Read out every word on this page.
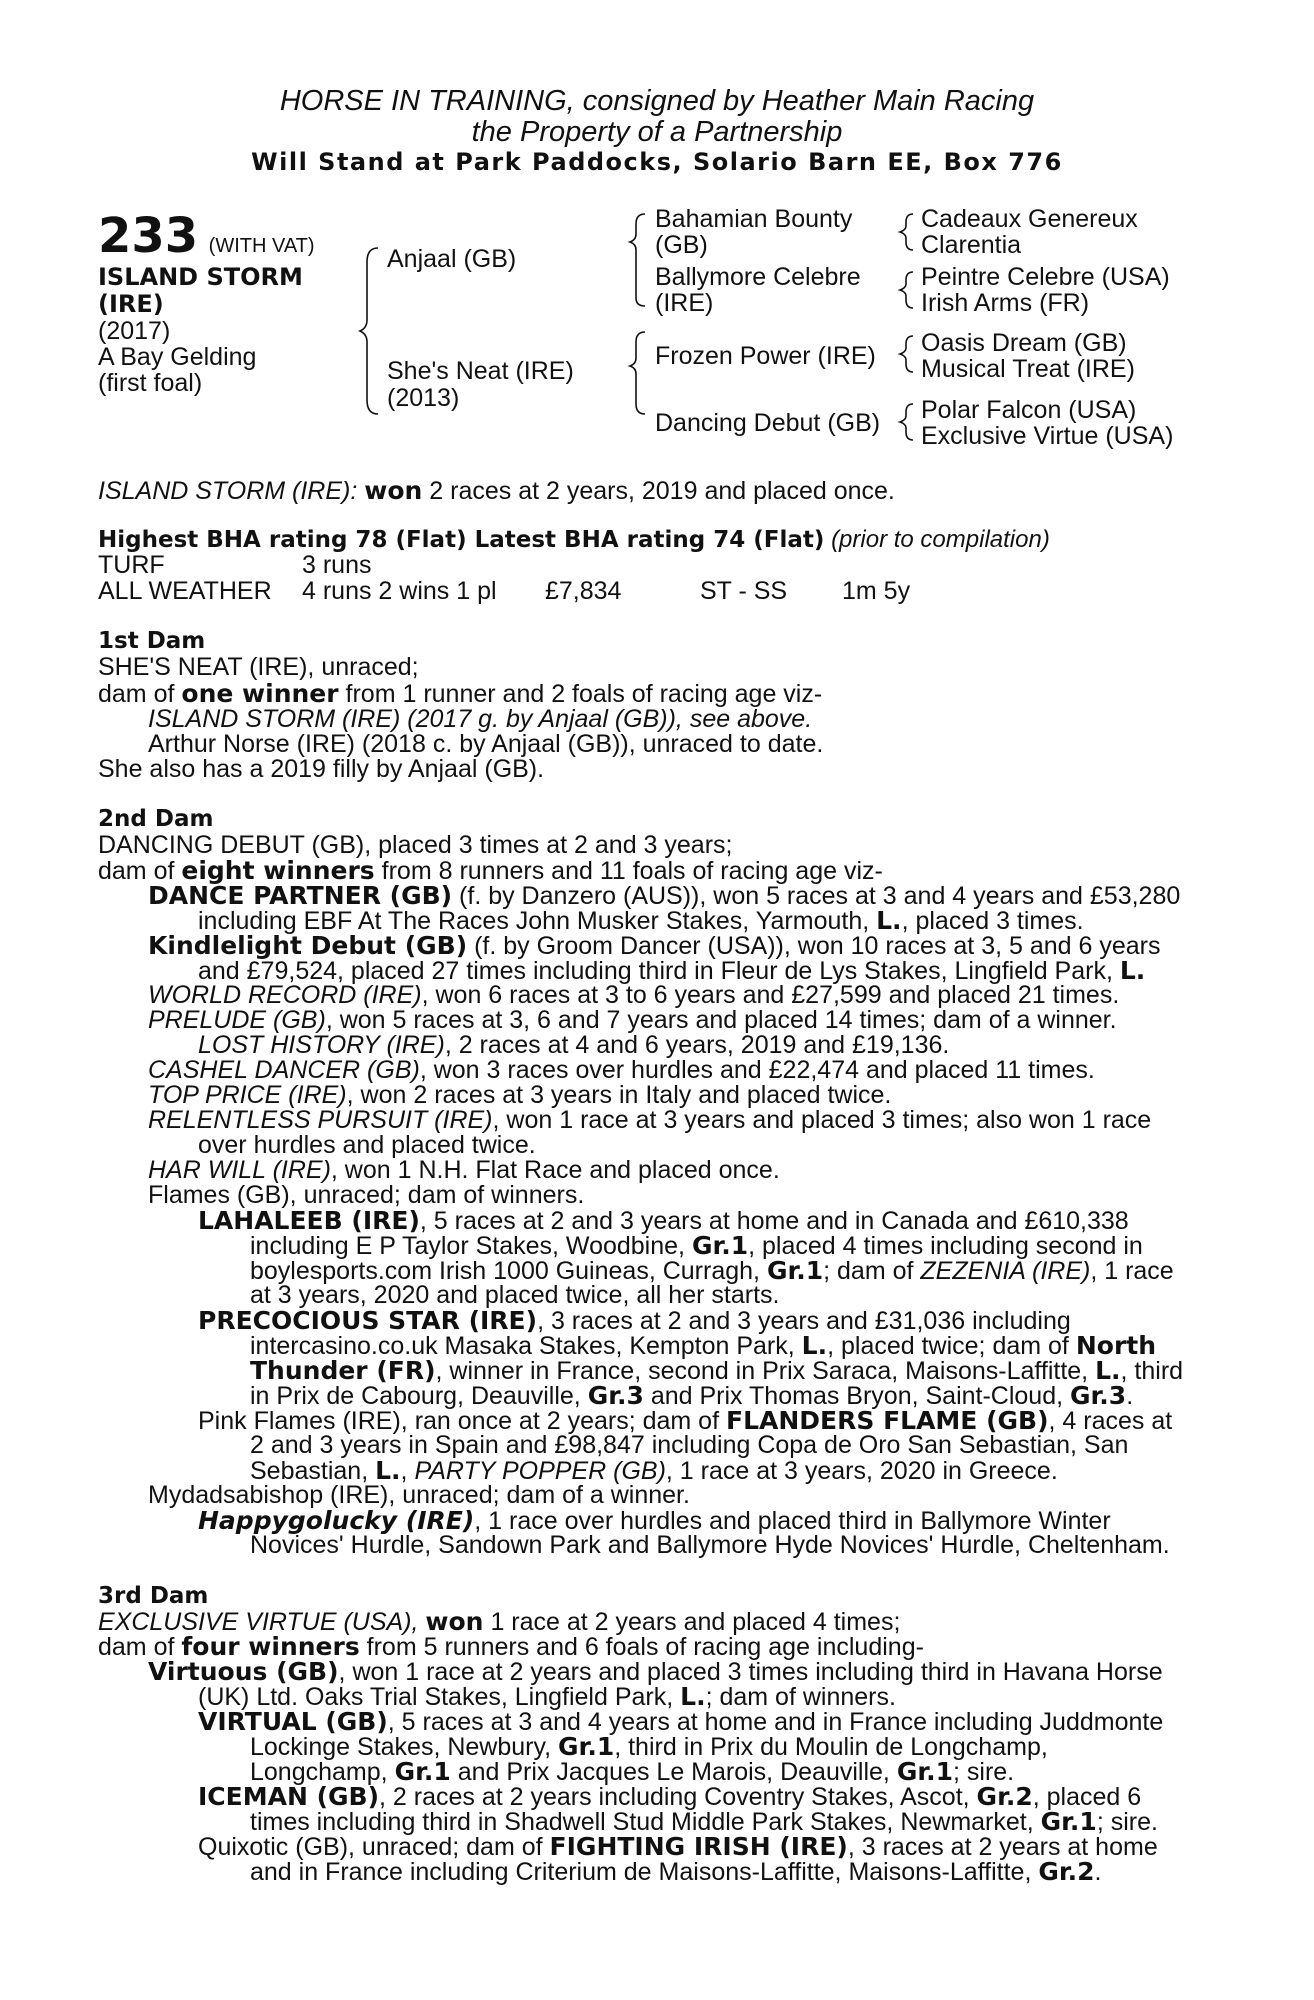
HORSE IN TRAINING, consigned by Heather Main Racing
the Property of a Partnership
Will Stand at Park Paddocks, Solario Barn EE, Box 776
233 (WITH VAT)
ISLAND STORM
(IRE)
(2017)
A Bay Gelding
(first foal)
Anjaal (GB)
She's Neat (IRE)
(2013)
Bahamian Bounty
(GB)
Ballymore Celebre
(IRE)
Frozen Power (IRE)
Dancing Debut (GB)
Cadeaux Genereux
Clarentia
Peintre Celebre (USA)
Irish Arms (FR)
Oasis Dream (GB)
Musical Treat (IRE)
Polar Falcon (USA)
Exclusive Virtue (USA)
ISLAND STORM (IRE): won 2 races at 2 years, 2019 and placed once.
Highest BHA rating 78 (Flat) Latest BHA rating 74 (Flat) (prior to compilation)
TURF	3 runs
ALL WEATHER 4 runs 2 wins 1 pl £7,834	ST - SS 1m 5y
1st Dam
SHE'S NEAT (IRE), unraced;
dam of one winner from 1 runner and 2 foals of racing age viz-
ISLAND STORM (IRE) (2017 g. by Anjaal (GB)), see above.
Arthur Norse (IRE) (2018 c. by Anjaal (GB)), unraced to date.
She also has a 2019 filly by Anjaal (GB).
2nd Dam
DANCING DEBUT (GB), placed 3 times at 2 and 3 years;
dam of eight winners from 8 runners and 11 foals of racing age viz-
DANCE PARTNER (GB) (f. by Danzero (AUS)), won 5 races at 3 and 4 years and £53,280
including EBF At The Races John Musker Stakes, Yarmouth, L., placed 3 times.
Kindlelight Debut (GB) (f. by Groom Dancer (USA)), won 10 races at 3, 5 and 6 years
and £79,524, placed 27 times including third in Fleur de Lys Stakes, Lingfield Park, L.
WORLD RECORD (IRE), won 6 races at 3 to 6 years and £27,599 and placed 21 times.
PRELUDE (GB), won 5 races at 3, 6 and 7 years and placed 14 times; dam of a winner.
LOST HISTORY (IRE), 2 races at 4 and 6 years, 2019 and £19,136.
CASHEL DANCER (GB), won 3 races over hurdles and £22,474 and placed 11 times.
TOP PRICE (IRE), won 2 races at 3 years in Italy and placed twice.
RELENTLESS PURSUIT (IRE), won 1 race at 3 years and placed 3 times; also won 1 race
over hurdles and placed twice.
HAR WILL (IRE), won 1 N.H. Flat Race and placed once.
Flames (GB), unraced; dam of winners.
LAHALEEB (IRE), 5 races at 2 and 3 years at home and in Canada and £610,338
including E P Taylor Stakes, Woodbine, Gr.1, placed 4 times including second in
boylesports.com Irish 1000 Guineas, Curragh, Gr.1; dam of ZEZENIA (IRE), 1 race
at 3 years, 2020 and placed twice, all her starts.
PRECOCIOUS STAR (IRE), 3 races at 2 and 3 years and £31,036 including
intercasino.co.uk Masaka Stakes, Kempton Park, L., placed twice; dam of North
Thunder (FR), winner in France, second in Prix Saraca, Maisons-Laffitte, L., third
in Prix de Cabourg, Deauville, Gr.3 and Prix Thomas Bryon, Saint-Cloud, Gr.3.
Pink Flames (IRE), ran once at 2 years; dam of FLANDERS FLAME (GB), 4 races at
2 and 3 years in Spain and £98,847 including Copa de Oro San Sebastian, San
Sebastian, L., PARTY POPPER (GB), 1 race at 3 years, 2020 in Greece.
Mydadsabishop (IRE), unraced; dam of a winner.
Happygolucky (IRE), 1 race over hurdles and placed third in Ballymore Winter
Novices' Hurdle, Sandown Park and Ballymore Hyde Novices' Hurdle, Cheltenham.
3rd Dam
EXCLUSIVE VIRTUE (USA), won 1 race at 2 years and placed 4 times;
dam of four winners from 5 runners and 6 foals of racing age including-
Virtuous (GB), won 1 race at 2 years and placed 3 times including third in Havana Horse
(UK) Ltd. Oaks Trial Stakes, Lingfield Park, L.; dam of winners.
VIRTUAL (GB), 5 races at 3 and 4 years at home and in France including Juddmonte
Lockinge Stakes, Newbury, Gr.1, third in Prix du Moulin de Longchamp,
Longchamp, Gr.1 and Prix Jacques Le Marois, Deauville, Gr.1; sire.
ICEMAN (GB), 2 races at 2 years including Coventry Stakes, Ascot, Gr.2, placed 6
times including third in Shadwell Stud Middle Park Stakes, Newmarket, Gr.1; sire.
Quixotic (GB), unraced; dam of FIGHTING IRISH (IRE), 3 races at 2 years at home
and in France including Criterium de Maisons-Laffitte, Maisons-Laffitte, Gr.2.
